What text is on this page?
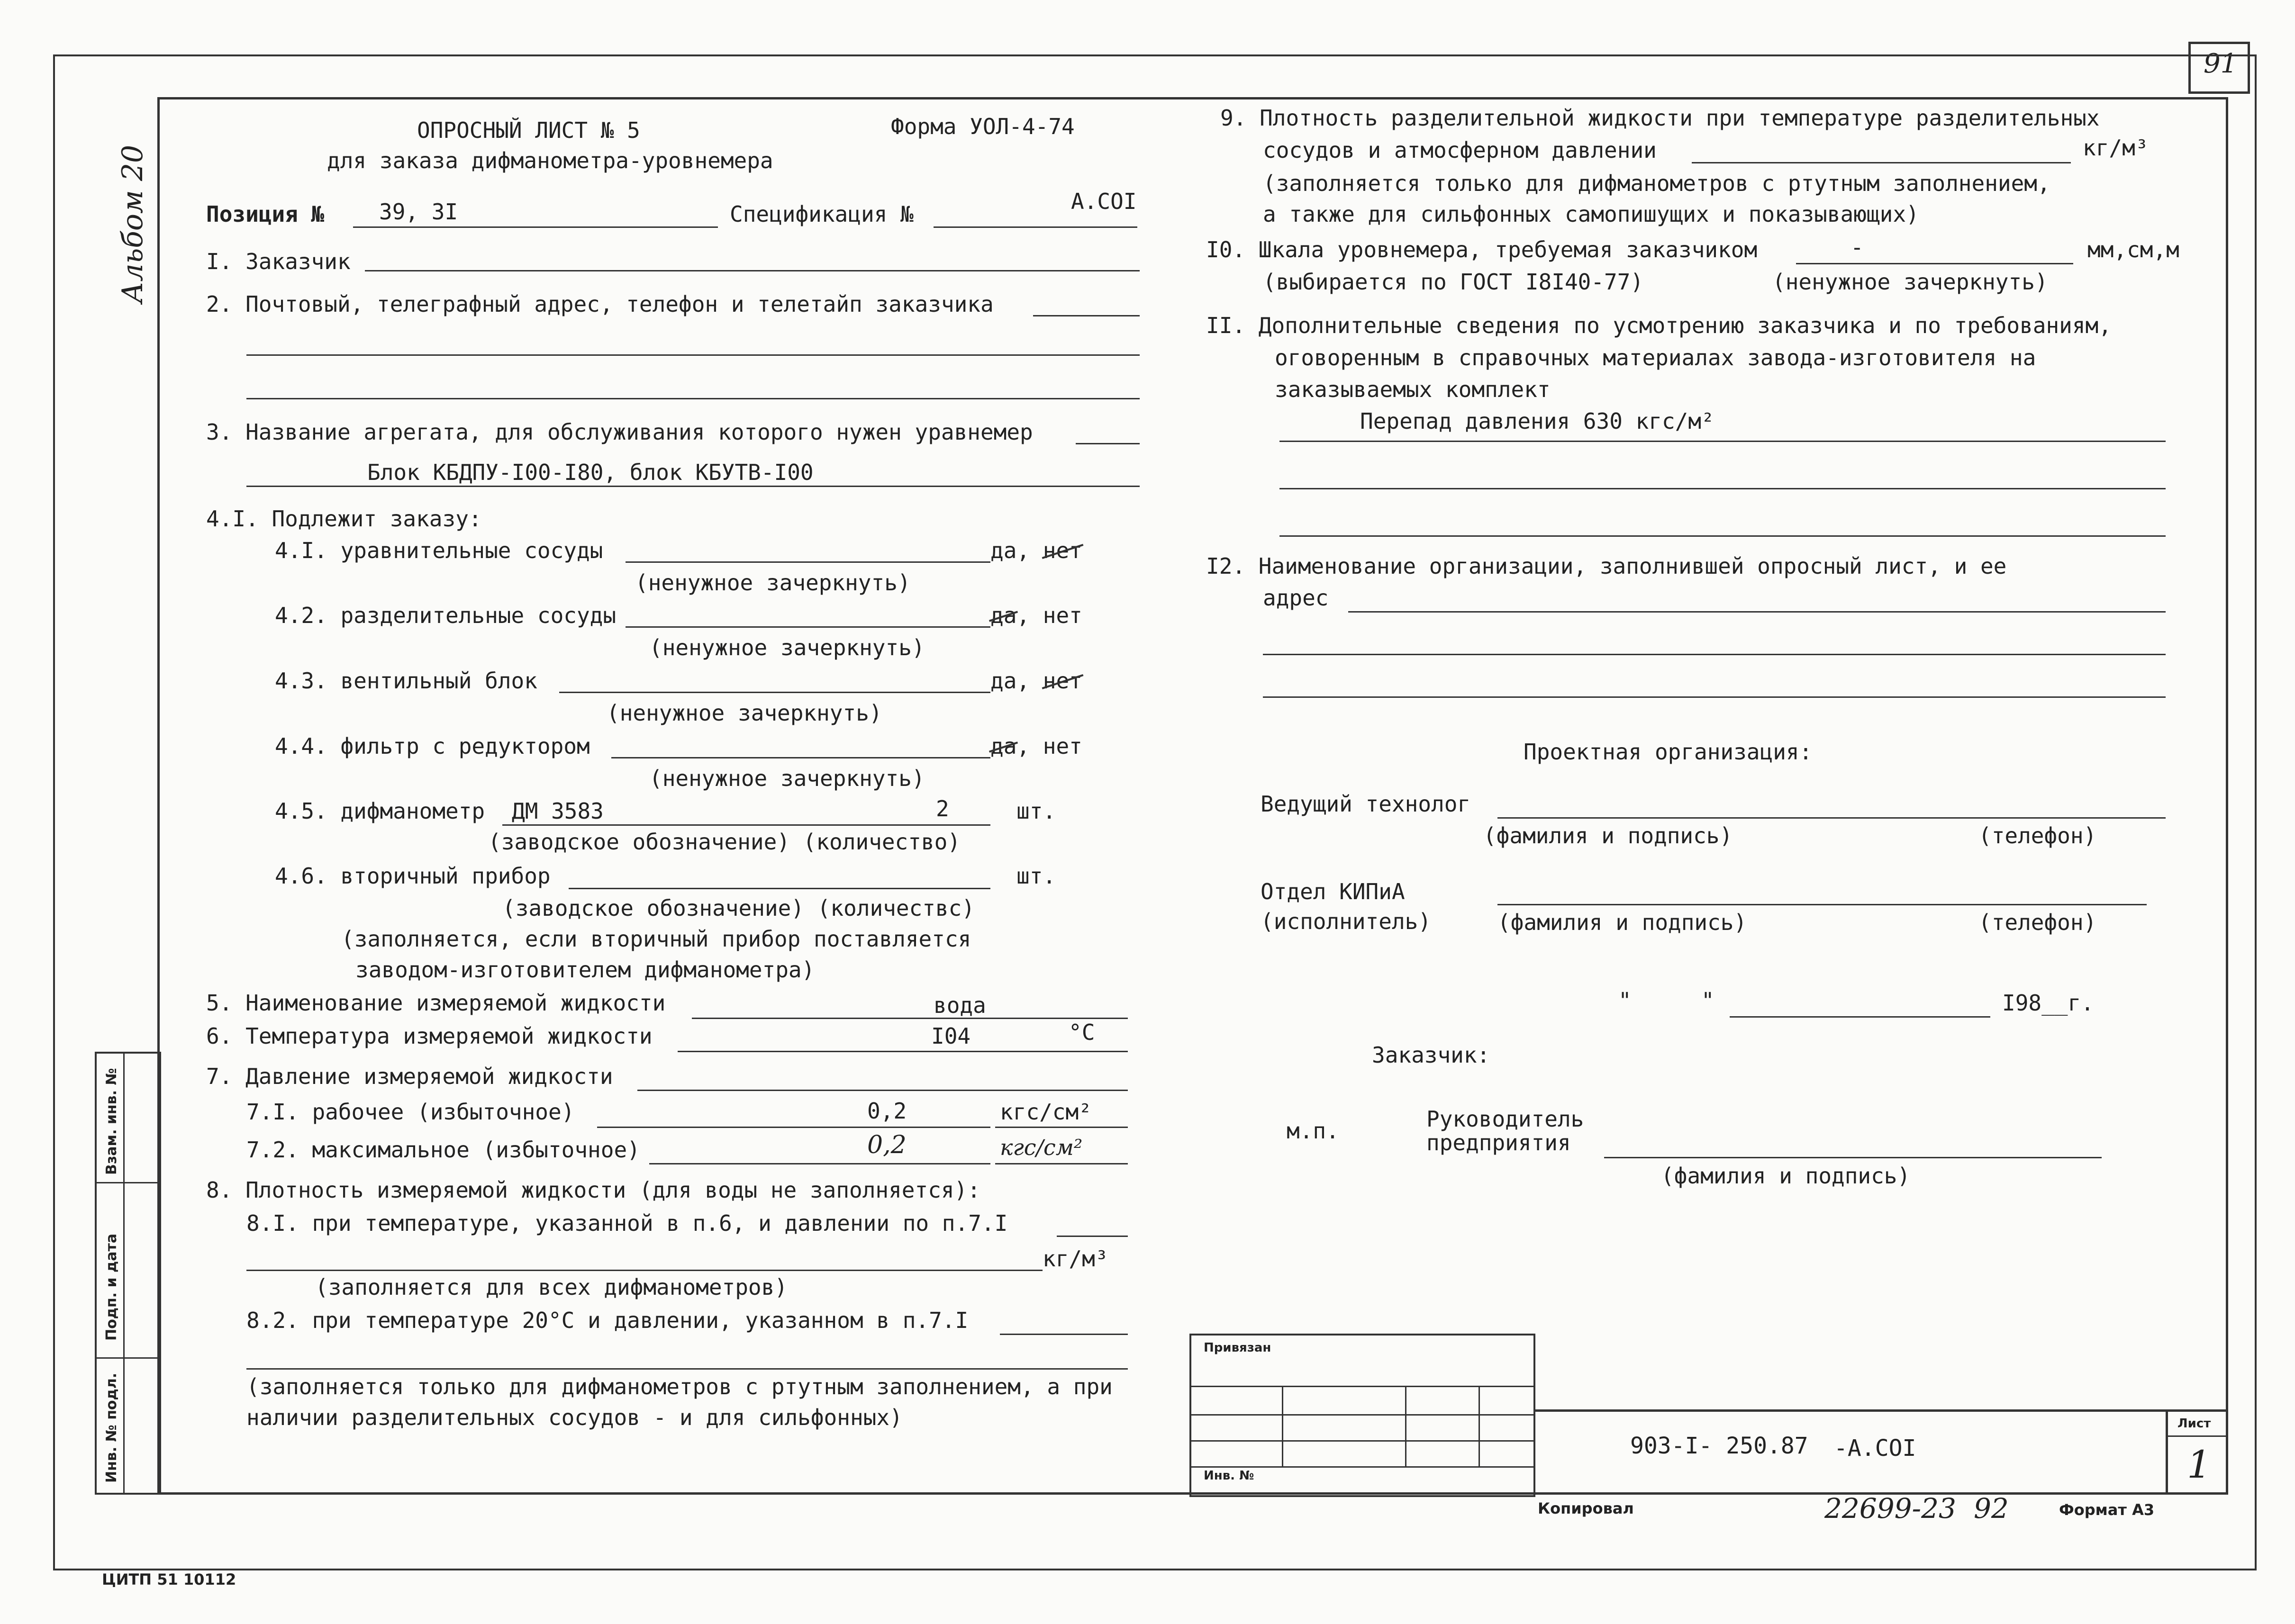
91
Альбом 20
Взам. инв. №
Подп. и дата
Инв. № подл.
ОПРОСНЫЙ ЛИСТ № 5
для заказа дифманометра-уровнемера
Форма УОЛ-4-74
Позиция №	39, 3I	Спецификация №	А.СОI
I. Заказчик
2. Почтовый, телеграфный адрес, телефон и телетайп заказчика
3. Название агрегата, для обслуживания которого нужен уравнемер
Блок КБДПУ-I00-I80, блок КБУТВ-I00
4.I. Подлежит заказу:
4.I. уравнительные сосуды	да, нет
(ненужное зачеркнуть)
4.2. разделительные сосуды	да, нет
(ненужное зачеркнуть)
4.3. вентильный блок	да, нет
(ненужное зачеркнуть)
4.4. фильтр с редуктором	да, нет
(ненужное зачеркнуть)
4.5. дифманометр ДМ 3583	2	шт.
(заводское обозначение) (количество)
4.6. вторичный прибор	шт.
(заводское обозначение) (количествс)
(заполняется, если вторичный прибор поставляется
заводом-изготовителем дифманометра)
5. Наименование измеряемой жидкости	вода
6. Температура измеряемой жидкости	I04	°C
7. Давление измеряемой жидкости
7.I. рабочее (избыточное)	0,2	кгс/см²
7.2. максимальное (избыточное)	0,2	кгс/см²
8. Плотность измеряемой жидкости (для воды не заполняется):
8.I. при температуре, указанной в п.6, и давлении по п.7.I
кг/м³
(заполняется для всех дифманометров)
8.2. при температуре 20°С и давлении, указанном в п.7.I
(заполняется только для дифманометров с ртутным заполнением, а при
наличии разделительных сосудов - и для сильфонных)
9. Плотность разделительной жидкости при температуре разделительных
сосудов и атмосферном давлении	кг/м³
(заполняется только для дифманометров с ртутным заполнением,
а также для сильфонных самопишущих и показывающих)
I0. Шкала уровнемера, требуемая заказчиком	-	мм,см,м
(выбирается по ГОСТ I8I40-77)	(ненужное зачеркнуть)
II. Дополнительные сведения по усмотрению заказчика и по требованиям,
оговоренным в справочных материалах завода-изготовителя на
заказываемых комплект
Перепад давления 630 кгс/м²
I2. Наименование организации, заполнившей опросный лист, и ее
адрес
Проектная организация:
Ведущий технолог
(фамилия и подпись)	(телефон)
Отдел КИПиА
(исполнитель)	(фамилия и подпись)	(телефон)
"	"	I98__г.
Заказчик:
м.п.	Руководитель
предприятия
(фамилия и подпись)
Привязан
Инв. №
903-I- 250.87 -А.СОI
Лист
1
Копировал	22699-23 92	Формат А3
ЦИТП 51 10112
